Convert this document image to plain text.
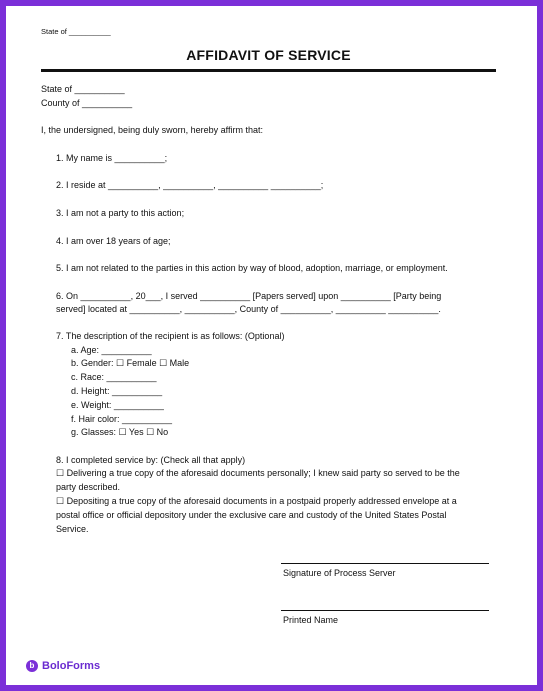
State of __________
AFFIDAVIT OF SERVICE
State of __________
County of __________
I, the undersigned, being duly sworn, hereby affirm that:
1. My name is __________;
2. I reside at __________, __________, __________ __________;
3. I am not a party to this action;
4. I am over 18 years of age;
5. I am not related to the parties in this action by way of blood, adoption, marriage, or employment.
6. On __________, 20___, I served __________ [Papers served] upon __________ [Party being
served] located at __________, __________, County of __________, __________ __________.
7. The description of the recipient is as follows: (Optional)
a. Age: __________
b. Gender: ☐ Female ☐ Male
c. Race: __________
d. Height: __________
e. Weight: __________
f. Hair color: __________
g. Glasses: ☐ Yes ☐ No
8. I completed service by: (Check all that apply)
☐ Delivering a true copy of the aforesaid documents personally; I knew said party so served to be the
party described.
☐ Depositing a true copy of the aforesaid documents in a postpaid properly addressed envelope at a
postal office or official depository under the exclusive care and custody of the United States Postal
Service.
Signature of Process Server
Printed Name
b BoloForms
